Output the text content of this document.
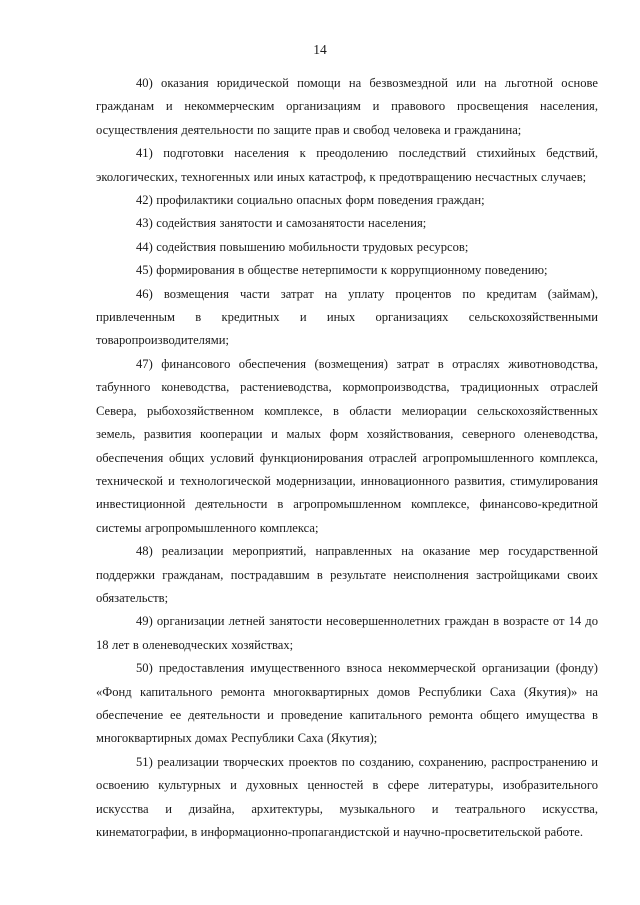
14

40) оказания юридической помощи на безвозмездной или на льготной основе гражданам и некоммерческим организациям и правового просвещения населения, осуществления деятельности по защите прав и свобод человека и гражданина;

41) подготовки населения к преодолению последствий стихийных бедствий, экологических, техногенных или иных катастроф, к предотвращению несчастных случаев;

42) профилактики социально опасных форм поведения граждан;

43) содействия занятости и самозанятости населения;

44) содействия повышению мобильности трудовых ресурсов;

45) формирования в обществе нетерпимости к коррупционному поведению;

46) возмещения части затрат на уплату процентов по кредитам (займам), привлеченным в кредитных и иных организациях сельскохозяйственными товаропроизводителями;

47) финансового обеспечения (возмещения) затрат в отраслях животноводства, табунного коневодства, растениеводства, кормопроизводства, традиционных отраслей Севера, рыбохозяйственном комплексе, в области мелиорации сельскохозяйственных земель, развития кооперации и малых форм хозяйствования, северного оленеводства, обеспечения общих условий функционирования отраслей агропромышленного комплекса, технической и технологической модернизации, инновационного развития, стимулирования инвестиционной деятельности в агропромышленном комплексе, финансово-кредитной системы агропромышленного комплекса;

48) реализации мероприятий, направленных на оказание мер государственной поддержки гражданам, пострадавшим в результате неисполнения застройщиками своих обязательств;

49) организации летней занятости несовершеннолетних граждан в возрасте от 14 до 18 лет в оленеводческих хозяйствах;

50) предоставления имущественного взноса некоммерческой организации (фонду) «Фонд капитального ремонта многоквартирных домов Республики Саха (Якутия)» на обеспечение ее деятельности и проведение капитального ремонта общего имущества в многоквартирных домах Республики Саха (Якутия);

51) реализации творческих проектов по созданию, сохранению, распространению и освоению культурных и духовных ценностей в сфере литературы, изобразительного искусства и дизайна, архитектуры, музыкального и театрального искусства, кинематографии, в информационно-пропагандистской и научно-просветительской работе.
